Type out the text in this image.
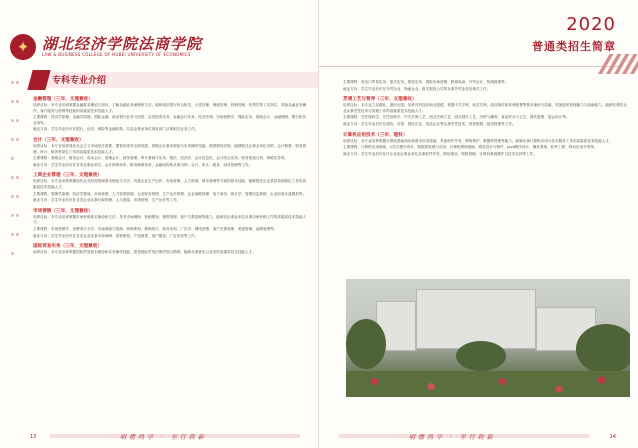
✦ 湖北经济学院法商学院
LAW & BUSINESS COLLEGE OF HUBEI UNIVERSITY OF ECONOMICS

专科专业介绍
金融管理（三年、文理兼收）
培养目标：本专业培养掌握金融基本理论与知识，了解金融业务流程和方法，能够适应银行综合柜员、大堂经理、理财经理、营销经理、信贷员等工作岗位，具备金融业务操作、客户服务与营销等技能的高素质技术技能人才。
主要课程：经济学原理、金融学原理、国际金融、商业银行业务与经营、证券投资实务、金融会计实务、经济法律、市场营销学、保险实务、基础会计、金融理财、银行柜员业务等。
就业方向：学生毕业后可在银行、证券、保险等金融机构，以及企事业单位财务部门从事相关业务工作。
会计（三年、文理兼收）
培养目标：本专业培养适应社会主义市场经济需要，德智体美劳全面发展，掌握会计基本理论与实务操作技能，熟悉财经法规，能够胜任企事业单位出纳、会计核算、财务管理、审计、税务等岗位工作的高素质技术技能人才。
主要课程：基础会计、财务会计、成本会计、管理会计、财务管理、审计基础与实务、税法、经济法、会计信息化、会计综合实训、财务报表分析、纳税实务等。
就业方向：学生毕业后可在各类企事业单位、会计师事务所、税务师事务所、金融机构等从事出纳、会计、审计、税务、财务管理等工作。
工商企业管理（三年、文理兼收）
培养目标：本专业培养掌握现代企业经营管理基本理论与方法，具备企业生产运作、市场营销、人力资源、财务管理等方面的基本技能，能够胜任企业基层管理岗位工作的高素质技术技能人才。
主要课程：管理学原理、经济学基础、市场营销、人力资源管理、企业财务管理、生产运作管理、企业战略管理、电子商务、统计学、管理信息系统、企业经营沙盘模拟等。
就业方向：学生毕业后可在各类企业从事行政管理、人力资源、市场营销、生产运作等工作。
市场营销（三年、文理兼收）
培养目标：本专业培养掌握市场营销基本理论和方法，具有市场调研、营销策划、销售管理、客户关系管理等能力，能够在企事业单位从事市场营销工作的高素质技术技能人才。
主要课程：市场营销学、消费者行为学、市场调查与预测、营销策划、推销技巧、商务谈判、广告学、网络营销、客户关系管理、渠道管理、品牌管理等。
就业方向：学生毕业后可在各类企业从事市场调研、营销策划、产品销售、客户服务、广告宣传等工作。
国际贸易实务（三年、文理兼收）
培养目标：本专业培养掌握国际贸易基本理论和实务操作技能，熟悉国际贸易法律法规与惯例，能够从事进出口业务的高素质技术技能人才。
13	明德尚学 · 至行致新
2020
普通类招生简章
主要课程：进出口贸易实务、报关实务、报检实务、国际市场营销、跨境电商、外贸会计、物流管理等。
就业方向：学生毕业后可在外贸企业、物流企业、报关报检公司等从事外贸业务及相关工作。
烹调工艺与营养（三年、文理兼收）
培养目标：本专业立足湖北，面向全国，培养具有良好职业道德，掌握中式烹调、西式烹调、面点制作和营养配餐等基本理论与技能，具备厨房管理能力与创新能力，能够在餐饮企业从事烹饪技术与管理工作的高素质技术技能人才。
主要课程：烹饪原料学、烹饪营养学、中式烹调工艺、西式烹调工艺、面点制作工艺、冷拼与雕刻、食品安全与卫生、餐饮管理、宴会设计等。
就业方向：学生毕业后可在酒店、宾馆、餐饮企业、食品企业等从事烹饪技术、营养配餐、厨房管理等工作。
计算机应用技术（三年、理科）
培养目标：本专业培养掌握计算机基础知识和基本应用技能，具备软件开发、网络维护、数据库管理等能力，能够从事计算机应用与技术服务工作的高素质技术技能人才。
主要课程：计算机应用基础、C语言程序设计、数据库原理与应用、计算机网络基础、网页设计与制作、Java程序设计、操作系统、软件工程、移动应用开发等。
就业方向：学生毕业后可在IT企业及企事业单位从事软件开发、网站建设、网络管理、计算机系统维护与技术支持等工作。
明德尚学 · 至行致新	14
